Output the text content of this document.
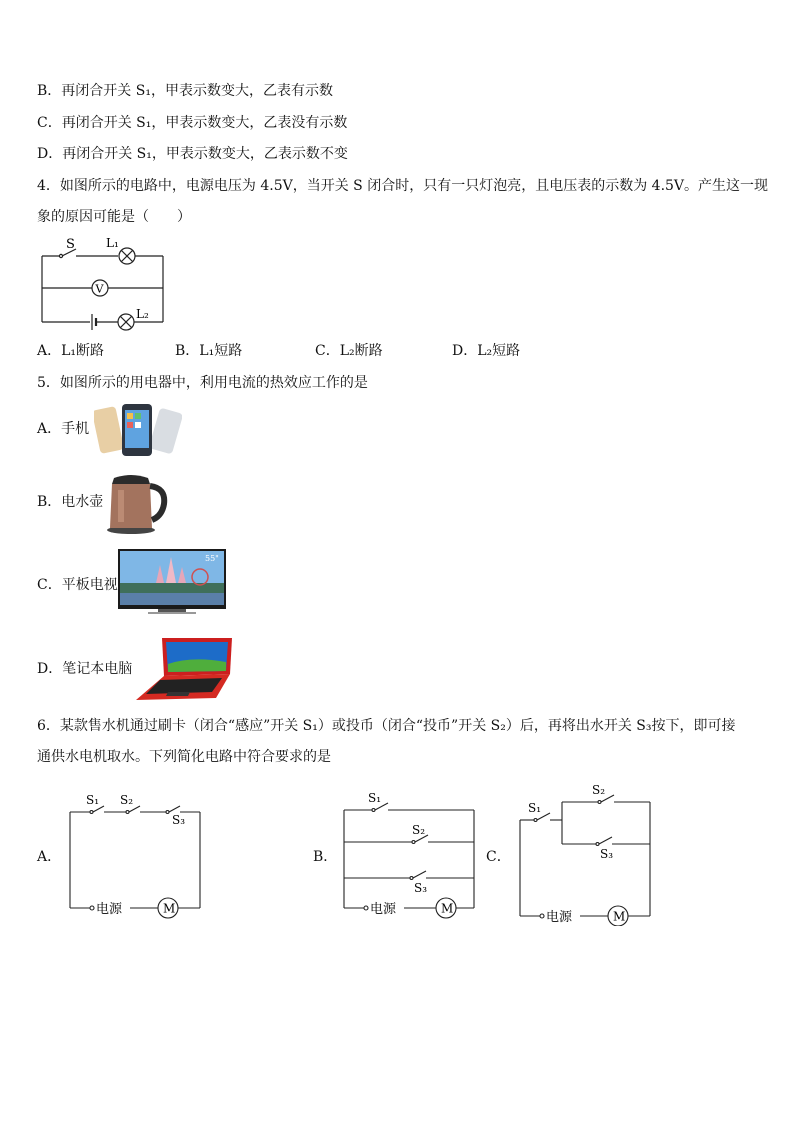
B．再闭合开关 S₁，甲表示数变大，乙表有示数
C．再闭合开关 S₁，甲表示数变大，乙表没有示数
D．再闭合开关 S₁，甲表示数变大，乙表示数不变
4．如图所示的电路中，电源电压为 4.5V，当开关 S 闭合时，只有一只灯泡亮，且电压表的示数为 4.5V。产生这一现
象的原因可能是（　　）
S	L₁
V
L₂
A．L₁断路	B．L₁短路	C．L₂断路	D．L₂短路
5．如图所示的用电器中，利用电流的热效应工作的是
A．手机
B．电水壶
C．平板电视
55"
D．笔记本电脑
6．某款售水机通过刷卡（闭合“感应”开关 S₁）或投币（闭合“投币”开关 S₂）后，再将出水开关 S₃按下，即可接
通供水电机取水。下列简化电路中符合要求的是
A．
S₁ S₂
S₃
电源	M
B．
S₁
S₂
S₃
电源	M
C．
S₁
S₂
S₃
电源	M
